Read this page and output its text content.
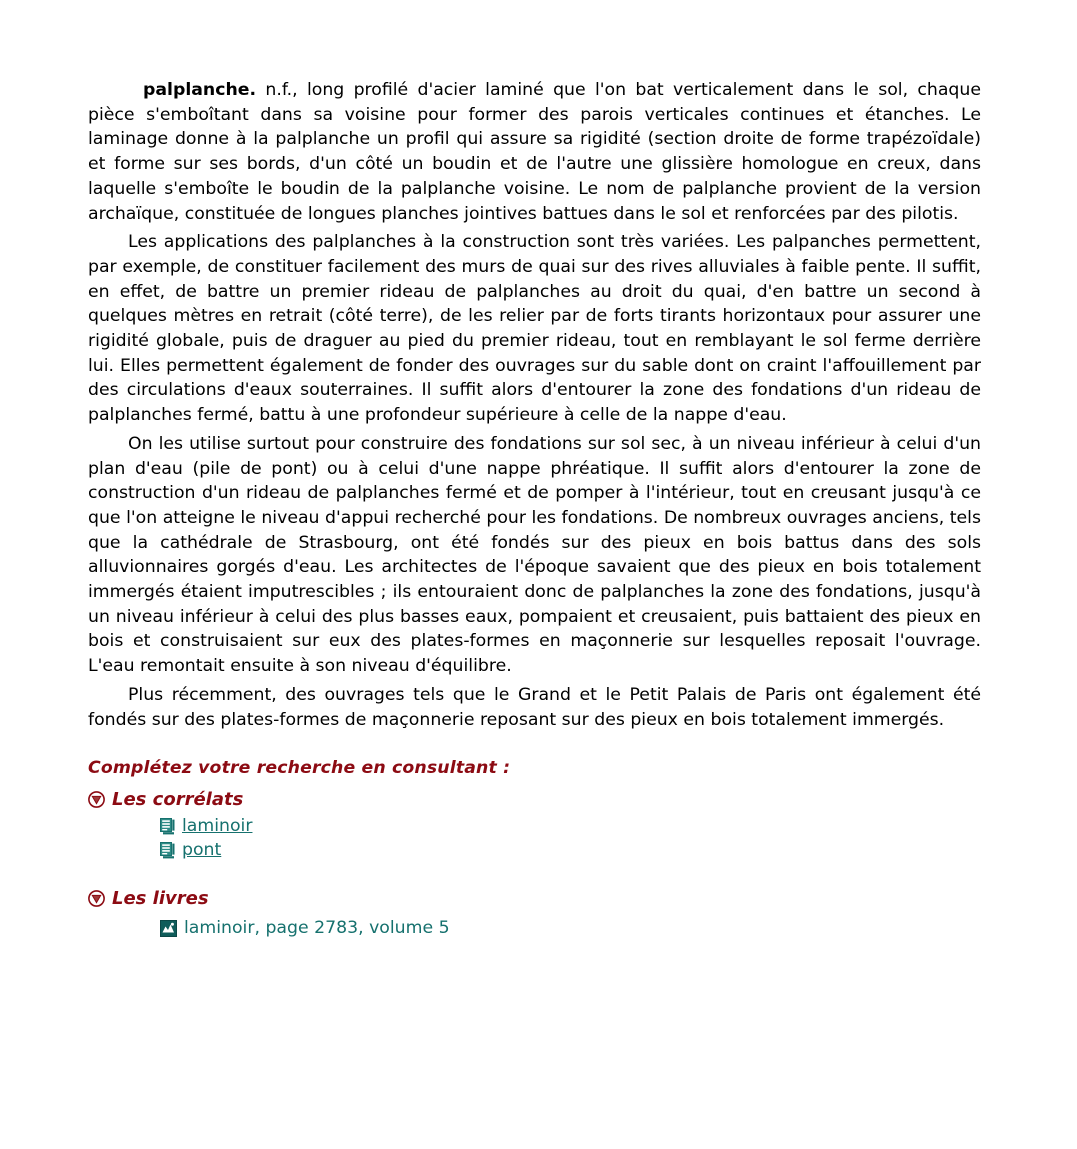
palplanche. n.f., long profilé d'acier laminé que l'on bat verticalement dans le sol, chaque pièce s'emboîtant dans sa voisine pour former des parois verticales continues et étanches. Le laminage donne à la palplanche un profil qui assure sa rigidité (section droite de forme trapézoïdale) et forme sur ses bords, d'un côté un boudin et de l'autre une glissière homologue en creux, dans laquelle s'emboîte le boudin de la palplanche voisine. Le nom de palplanche provient de la version archaïque, constituée de longues planches jointives battues dans le sol et renforcées par des pilotis.

Les applications des palplanches à la construction sont très variées. Les palpanches permettent, par exemple, de constituer facilement des murs de quai sur des rives alluviales à faible pente. Il suffit, en effet, de battre un premier rideau de palplanches au droit du quai, d'en battre un second à quelques mètres en retrait (côté terre), de les relier par de forts tirants horizontaux pour assurer une rigidité globale, puis de draguer au pied du premier rideau, tout en remblayant le sol ferme derrière lui. Elles permettent également de fonder des ouvrages sur du sable dont on craint l'affouillement par des circulations d'eaux souterraines. Il suffit alors d'entourer la zone des fondations d'un rideau de palplanches fermé, battu à une profondeur supérieure à celle de la nappe d'eau.

On les utilise surtout pour construire des fondations sur sol sec, à un niveau inférieur à celui d'un plan d'eau (pile de pont) ou à celui d'une nappe phréatique. Il suffit alors d'entourer la zone de construction d'un rideau de palplanches fermé et de pomper à l'intérieur, tout en creusant jusqu'à ce que l'on atteigne le niveau d'appui recherché pour les fondations. De nombreux ouvrages anciens, tels que la cathédrale de Strasbourg, ont été fondés sur des pieux en bois battus dans des sols alluvionnaires gorgés d'eau. Les architectes de l'époque savaient que des pieux en bois totalement immergés étaient imputrescibles ; ils entouraient donc de palplanches la zone des fondations, jusqu'à un niveau inférieur à celui des plus basses eaux, pompaient et creusaient, puis battaient des pieux en bois et construisaient sur eux des plates-formes en maçonnerie sur lesquelles reposait l'ouvrage. L'eau remontait ensuite à son niveau d'équilibre.

Plus récemment, des ouvrages tels que le Grand et le Petit Palais de Paris ont également été fondés sur des plates-formes de maçonnerie reposant sur des pieux en bois totalement immergés.

Complétez votre recherche en consultant :
Les corrélats
laminoir
pont
Les livres
laminoir, page 2783, volume 5
